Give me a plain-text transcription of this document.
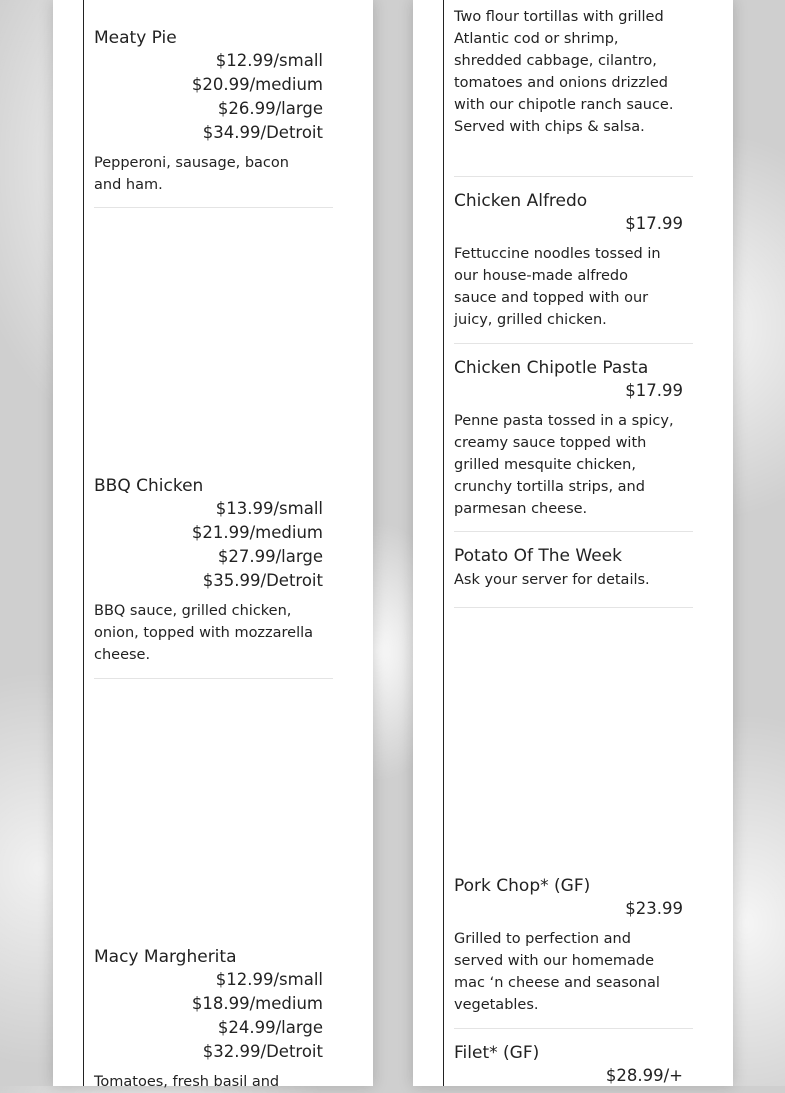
Meaty Pie
$12.99/small
$20.99/medium
$26.99/large
$34.99/Detroit
Pepperoni, sausage, bacon and ham.
BBQ Chicken
$13.99/small
$21.99/medium
$27.99/large
$35.99/Detroit
BBQ sauce, grilled chicken, onion, topped with mozzarella cheese.
Macy Margherita
$12.99/small
$18.99/medium
$24.99/large
$32.99/Detroit
Tomatoes, fresh basil and
Two flour tortillas with grilled Atlantic cod or shrimp, shredded cabbage, cilantro, tomatoes and onions drizzled with our chipotle ranch sauce. Served with chips & salsa.
Chicken Alfredo
$17.99
Fettuccine noodles tossed in our house-made alfredo sauce and topped with our juicy, grilled chicken.
Chicken Chipotle Pasta
$17.99
Penne pasta tossed in a spicy, creamy sauce topped with grilled mesquite chicken, crunchy tortilla strips, and parmesan cheese.
Potato Of The Week
Ask your server for details.
Pork Chop* (GF)
$23.99
Grilled to perfection and served with our homemade mac ‘n cheese and seasonal vegetables.
Filet* (GF)
$28.99/+
